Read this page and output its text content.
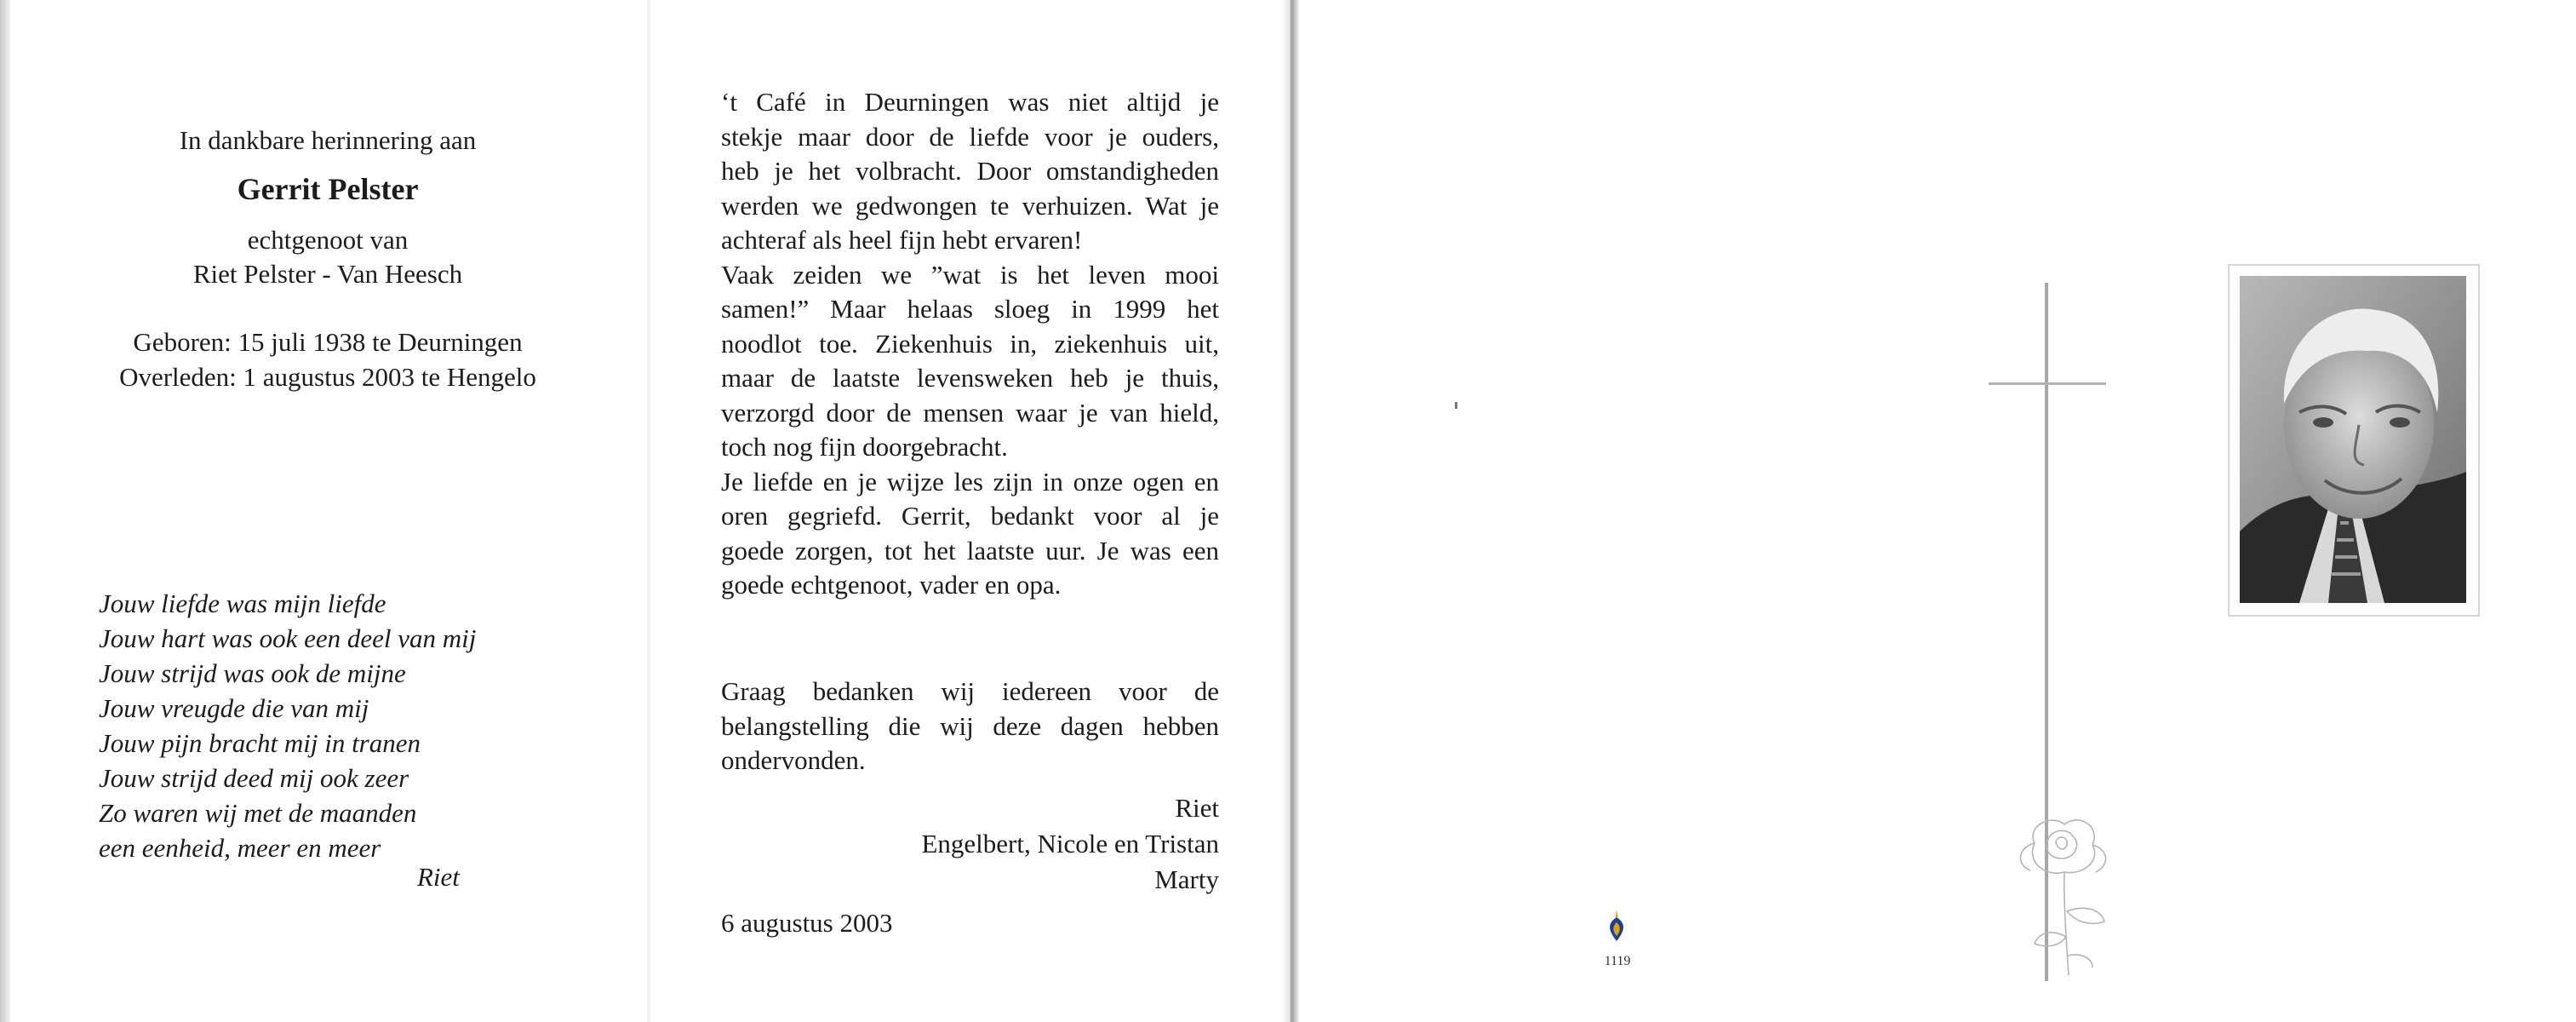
In dankbare herinnering aan
Gerrit Pelster
echtgenoot van
Riet Pelster - Van Heesch
Geboren: 15 juli 1938 te Deurningen
Overleden: 1 augustus 2003 te Hengelo
Jouw liefde was mijn liefde
Jouw hart was ook een deel van mij
Jouw strijd was ook de mijne
Jouw vreugde die van mij
Jouw pijn bracht mij in tranen
Jouw strijd deed mij ook zeer
Zo waren wij met de maanden
een eenheid, meer en meer
Riet
‘t Café in Deurningen was niet altijd je
stekje maar door de liefde voor je ouders,
heb je het volbracht. Door omstandigheden
werden we gedwongen te verhuizen. Wat je
achteraf als heel fijn hebt ervaren!
Vaak zeiden we ”wat is het leven mooi
samen!” Maar helaas sloeg in 1999 het
noodlot toe. Ziekenhuis in, ziekenhuis uit,
maar de laatste levensweken heb je thuis,
verzorgd door de mensen waar je van hield,
toch nog fijn doorgebracht.
Je liefde en je wijze les zijn in onze ogen en
oren gegriefd. Gerrit, bedankt voor al je
goede zorgen, tot het laatste uur. Je was een
goede echtgenoot, vader en opa.
Graag bedanken wij iedereen voor de
belangstelling die wij deze dagen hebben
ondervonden.
Riet
Engelbert, Nicole en Tristan
Marty
6 augustus 2003
1119
